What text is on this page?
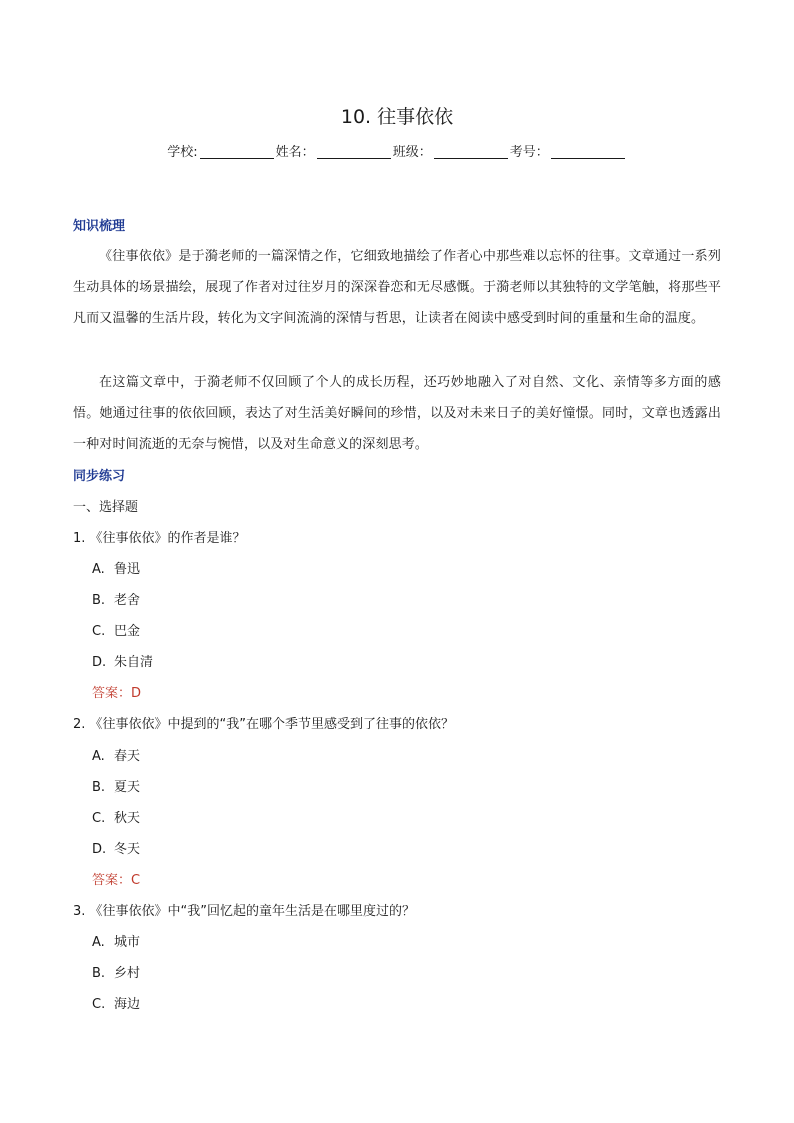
10. 往事依依
学校:	姓名：	班级：	考号：
知识梳理

《往事依依》是于漪老师的一篇深情之作，它细致地描绘了作者心中那些难以忘怀的往事。文章通过一系列生动具体的场景描绘，展现了作者对过往岁月的深深眷恋和无尽感慨。于漪老师以其独特的文学笔触，将那些平凡而又温馨的生活片段，转化为文字间流淌的深情与哲思，让读者在阅读中感受到时间的重量和生命的温度。

在这篇文章中，于漪老师不仅回顾了个人的成长历程，还巧妙地融入了对自然、文化、亲情等多方面的感悟。她通过往事的依依回顾，表达了对生活美好瞬间的珍惜，以及对未来日子的美好憧憬。同时，文章也透露出一种对时间流逝的无奈与惋惜，以及对生命意义的深刻思考。

同步练习
一、选择题
1. 《往事依依》的作者是谁？
A. 鲁迅
B. 老舍
C. 巴金
D. 朱自清
答案：D
2. 《往事依依》中提到的“我”在哪个季节里感受到了往事的依依？
A. 春天
B. 夏天
C. 秋天
D. 冬天
答案：C
3. 《往事依依》中“我”回忆起的童年生活是在哪里度过的？
A. 城市
B. 乡村
C. 海边
